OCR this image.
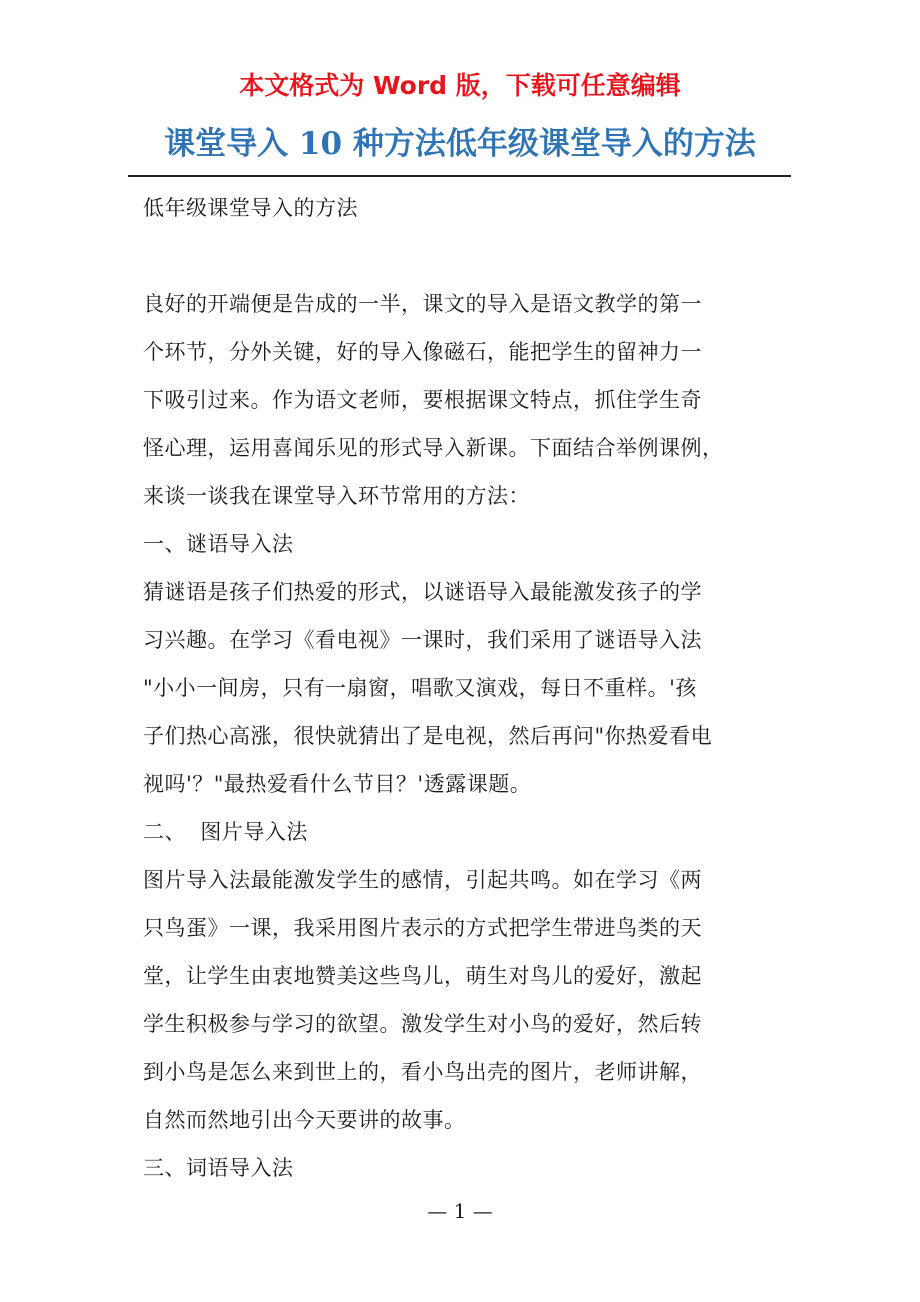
本文格式为 Word 版，下载可任意编辑
课堂导入 10 种方法低年级课堂导入的方法

低年级课堂导入的方法

良好的开端便是告成的一半，课文的导入是语文教学的第一

个环节，分外关键，好的导入像磁石，能把学生的留神力一

下吸引过来。作为语文老师，要根据课文特点，抓住学生奇

怪心理，运用喜闻乐见的形式导入新课。下面结合举例课例，

来谈一谈我在课堂导入环节常用的方法：

一、谜语导入法

猜谜语是孩子们热爱的形式，以谜语导入最能激发孩子的学

习兴趣。在学习《看电视》一课时，我们采用了谜语导入法

"小小一间房，只有一扇窗，唱歌又演戏，每日不重样。'孩

子们热心高涨，很快就猜出了是电视，然后再问"你热爱看电

视吗'？"最热爱看什么节目？'透露课题。

二、  图片导入法

图片导入法最能激发学生的感情，引起共鸣。如在学习《两

只鸟蛋》一课，我采用图片表示的方式把学生带进鸟类的天

堂，让学生由衷地赞美这些鸟儿，萌生对鸟儿的爱好，激起

学生积极参与学习的欲望。激发学生对小鸟的爱好，然后转

到小鸟是怎么来到世上的，看小鸟出壳的图片，老师讲解，

自然而然地引出今天要讲的故事。

三、词语导入法

— 1 —
